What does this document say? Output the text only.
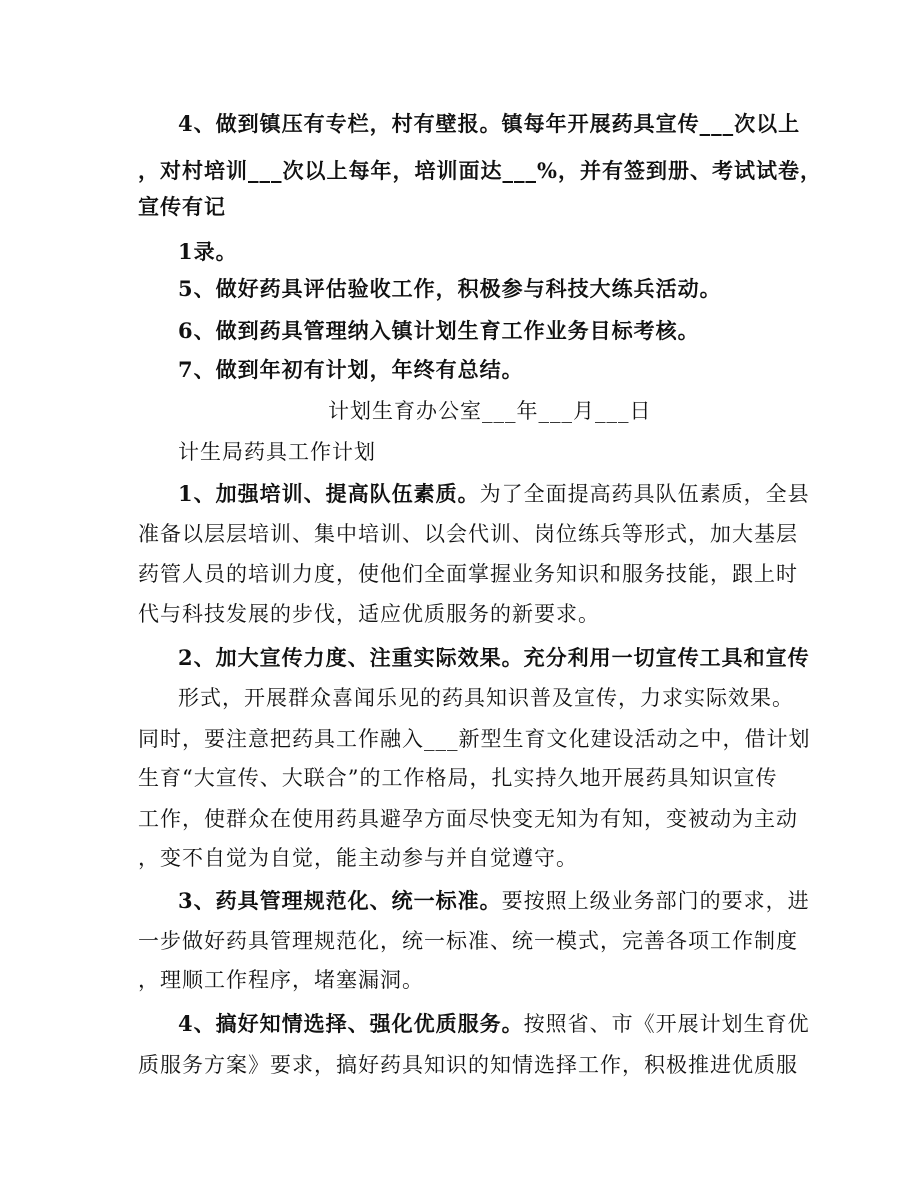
4、做到镇压有专栏，村有壁报。镇每年开展药具宣传___次以上
，对村培训___次以上每年，培训面达___%，并有签到册、考试试卷，
宣传有记
1录。
5、做好药具评估验收工作，积极参与科技大练兵活动。
6、做到药具管理纳入镇计划生育工作业务目标考核。
7、做到年初有计划，年终有总结。
计划生育办公室___年___月___日
计生局药具工作计划
1、加强培训、提高队伍素质。为了全面提高药具队伍素质，全县
准备以层层培训、集中培训、以会代训、岗位练兵等形式，加大基层
药管人员的培训力度，使他们全面掌握业务知识和服务技能，跟上时
代与科技发展的步伐，适应优质服务的新要求。
2、加大宣传力度、注重实际效果。充分利用一切宣传工具和宣传
形式，开展群众喜闻乐见的药具知识普及宣传，力求实际效果。
同时，要注意把药具工作融入___新型生育文化建设活动之中，借计划
生育“大宣传、大联合”的工作格局，扎实持久地开展药具知识宣传
工作，使群众在使用药具避孕方面尽快变无知为有知，变被动为主动
，变不自觉为自觉，能主动参与并自觉遵守。
3、药具管理规范化、统一标准。要按照上级业务部门的要求，进
一步做好药具管理规范化，统一标准、统一模式，完善各项工作制度
，理顺工作程序，堵塞漏洞。
4、搞好知情选择、强化优质服务。按照省、市《开展计划生育优
质服务方案》要求，搞好药具知识的知情选择工作，积极推进优质服
